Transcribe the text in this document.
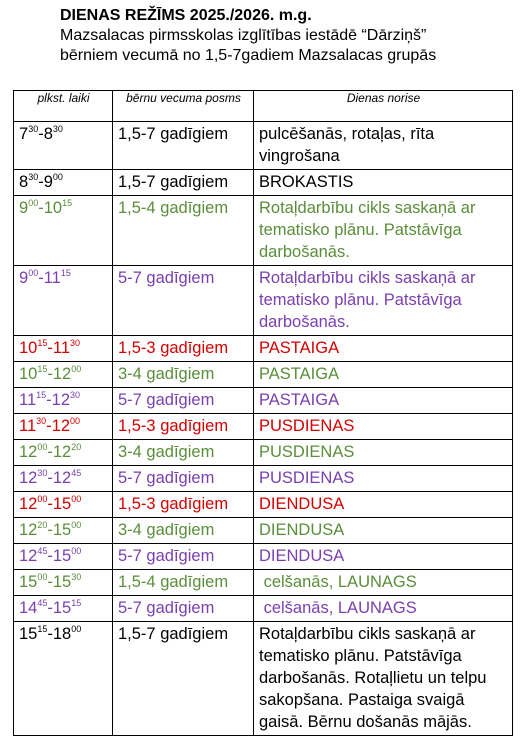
DIENAS REŽĪMS 2025./2026. m.g.
Mazsalacas pirmsskolas izglītības iestādē “Dārziņš”
bērniem vecumā no 1,5-7gadiem Mazsalacas grupās
plkst. laiki	bērnu vecuma posms	Dienas norise
$7^{30}-8^{30}$	1,5-7 gadīgiem	pulcēšanās, rotaļas, rīta vingrošana
$8^{30}-9^{00}$	1,5-7 gadīgiem	BROKASTIS
$9^{00}-10^{15}$	1,5-4 gadīgiem	Rotaļdarbību cikls saskaņā ar tematisko plānu. Patstāvīga darbošanās.
$9^{00}-11^{15}$	5-7 gadīgiem	Rotaļdarbību cikls saskaņā ar tematisko plānu. Patstāvīga darbošanās.
$10^{15}-11^{30}$	1,5-3 gadīgiem	PASTAIGA
$10^{15}-12^{00}$	3-4 gadīgiem	PASTAIGA
$11^{15}-12^{30}$	5-7 gadīgiem	PASTAIGA
$11^{30}-12^{00}$	1,5-3 gadīgiem	PUSDIENAS
$12^{00}-12^{20}$	3-4 gadīgiem	PUSDIENAS
$12^{30}-12^{45}$	5-7 gadīgiem	PUSDIENAS
$12^{00}-15^{00}$	1,5-3 gadīgiem	DIENDUSA
$12^{20}-15^{00}$	3-4 gadīgiem	DIENDUSA
$12^{45}-15^{00}$	5-7 gadīgiem	DIENDUSA
$15^{00}-15^{30}$	1,5-4 gadīgiem	celšanās, LAUNAGS
$14^{45}-15^{15}$	5-7 gadīgiem	celšanās, LAUNAGS
$15^{15}-18^{00}$	1,5-7 gadīgiem	Rotaļdarbību cikls saskaņā ar tematisko plānu. Patstāvīga darbošanās. Rotaļlietu un telpu sakopšana. Pastaiga svaigā gaisā. Bērnu došanās mājās.
